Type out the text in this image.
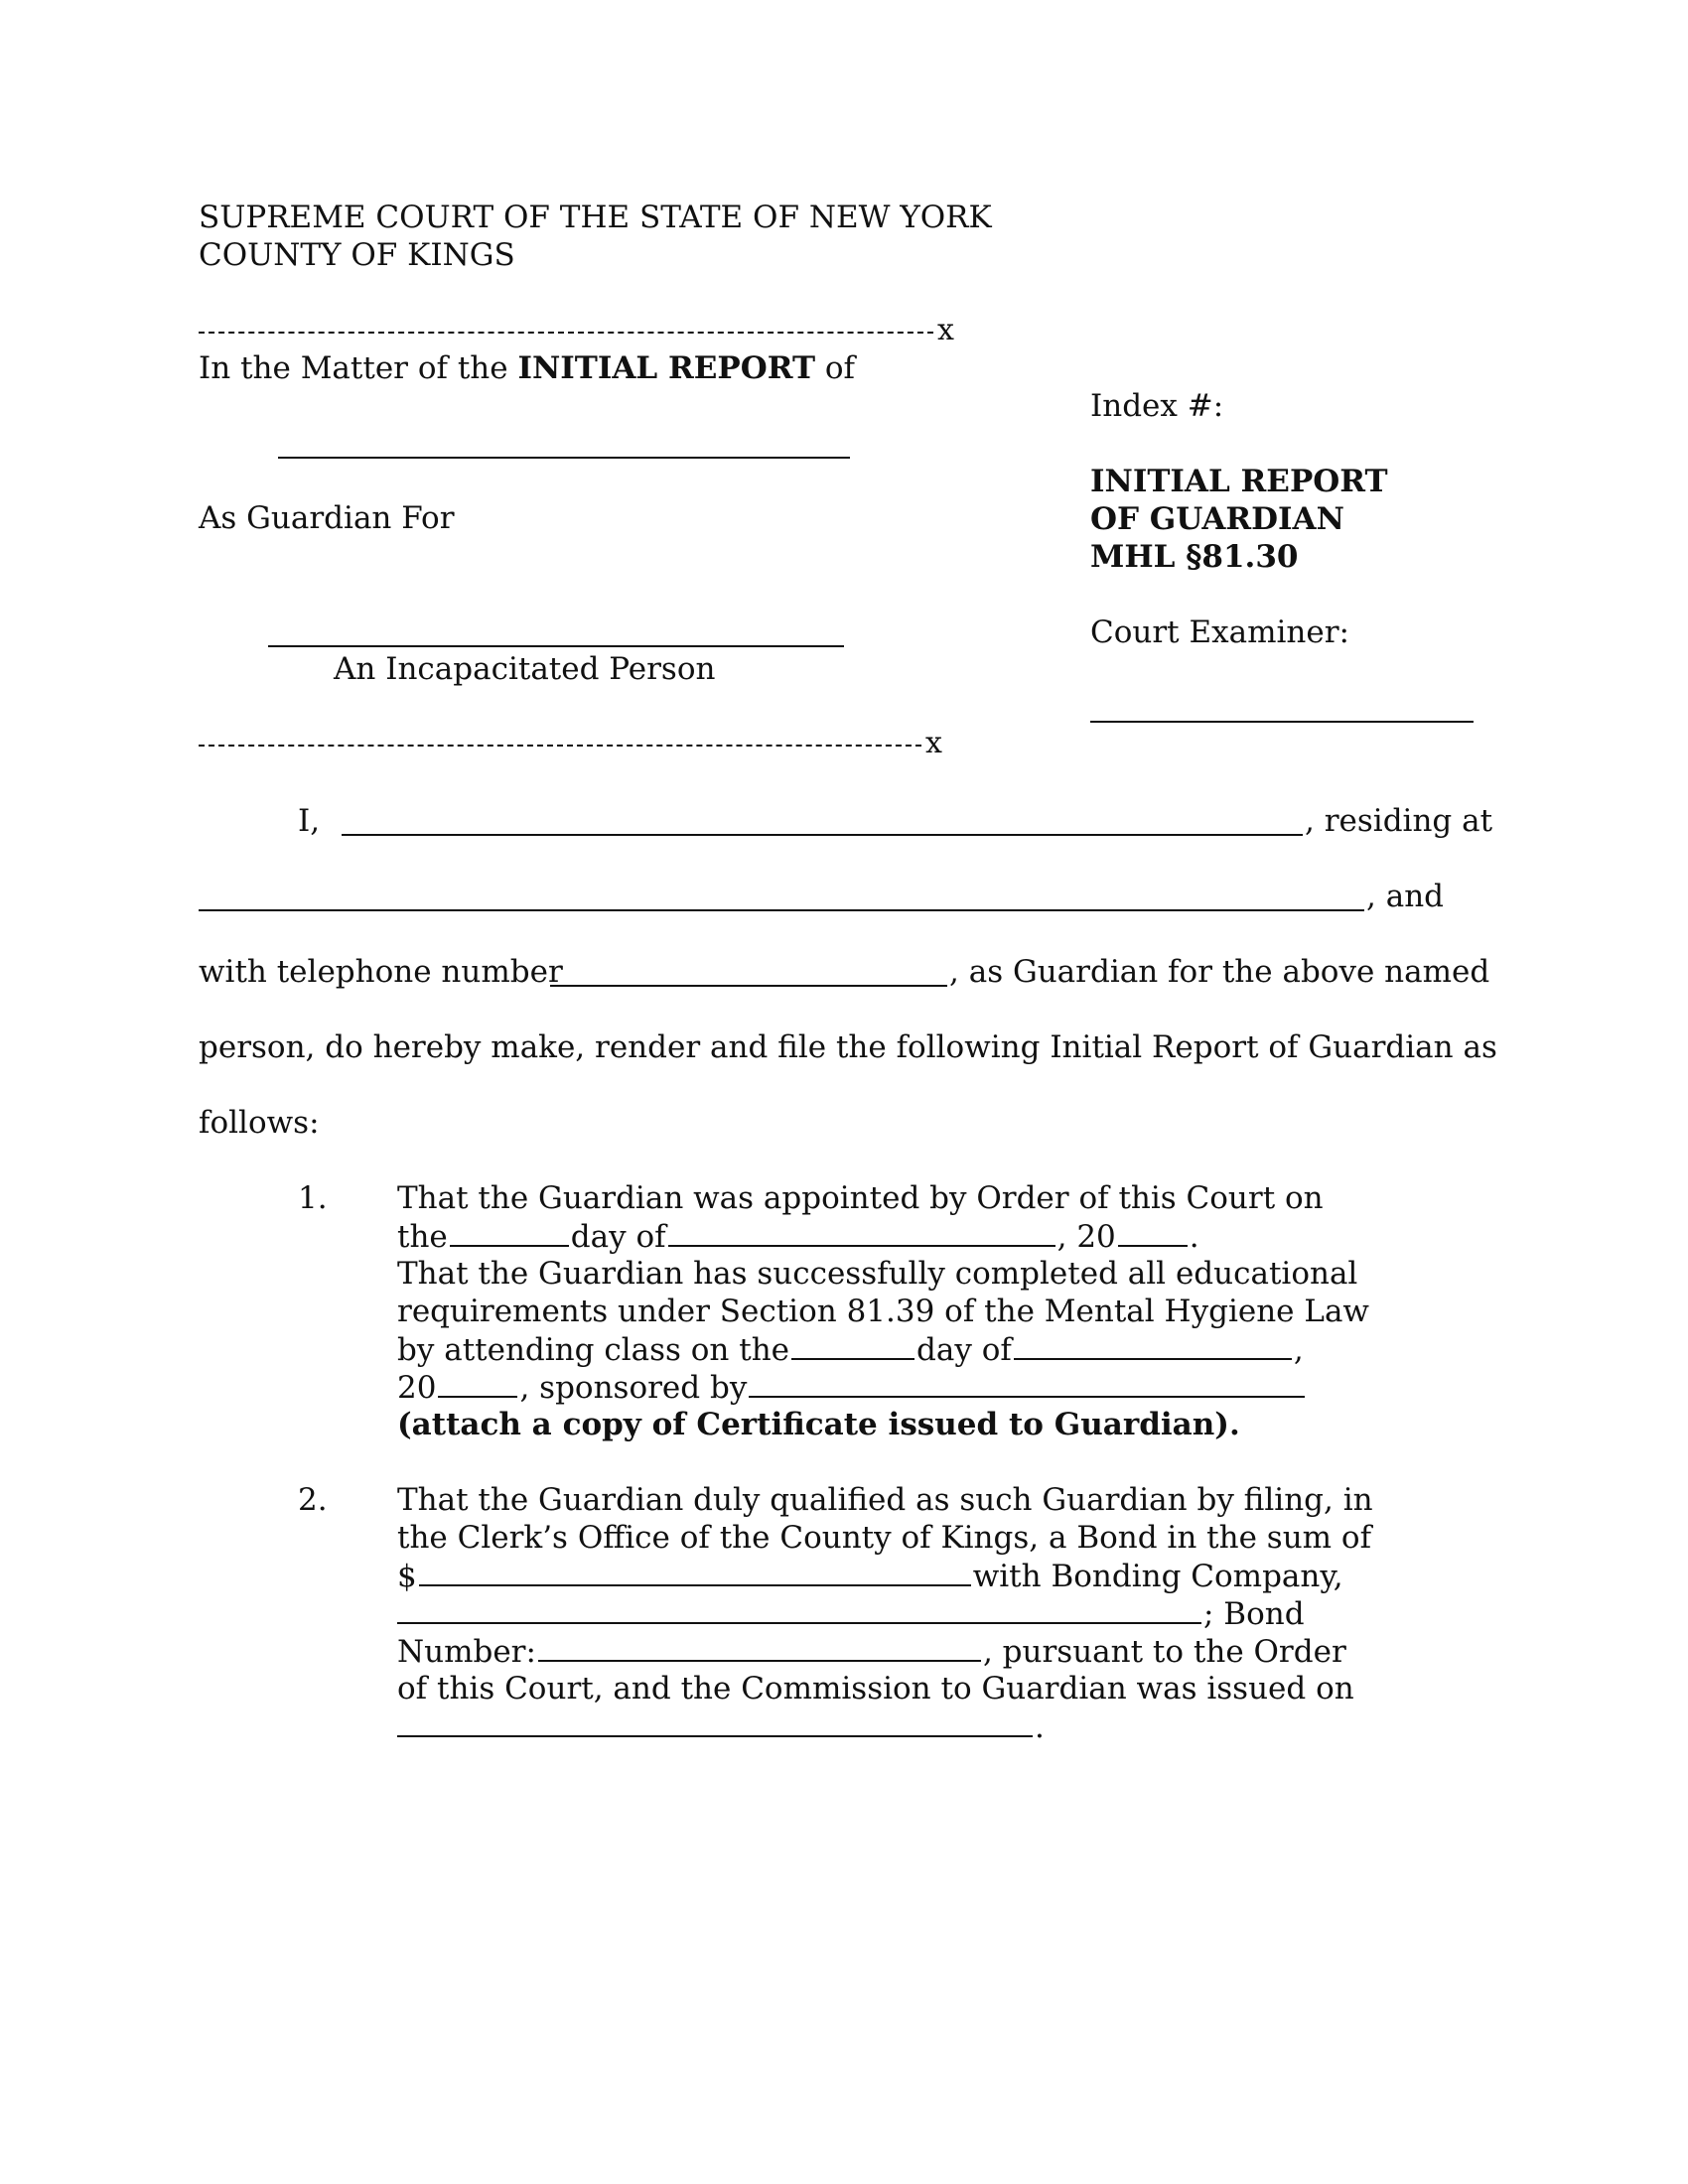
SUPREME COURT OF THE STATE OF NEW YORK
COUNTY OF KINGS
x
In the Matter of the INITIAL REPORT of
As Guardian For
An Incapacitated Person
x
Index #:
INITIAL REPORT
OF GUARDIAN
MHL §81.30
Court Examiner:
I,	, residing at
, and
with telephone number	, as Guardian for the above named
person, do hereby make, render and file the following Initial Report of Guardian as
follows:
1. That the Guardian was appointed by Order of this Court on
the	day of	, 20 .
That the Guardian has successfully completed all educational
requirements under Section 81.39 of the Mental Hygiene Law
by attending class on the	day of	,
20	, sponsored by
(attach a copy of Certificate issued to Guardian).
2. That the Guardian duly qualified as such Guardian by filing, in
the Clerk’s Office of the County of Kings, a Bond in the sum of
$	with Bonding Company,
; Bond
Number:	, pursuant to the Order
of this Court, and the Commission to Guardian was issued on
.
